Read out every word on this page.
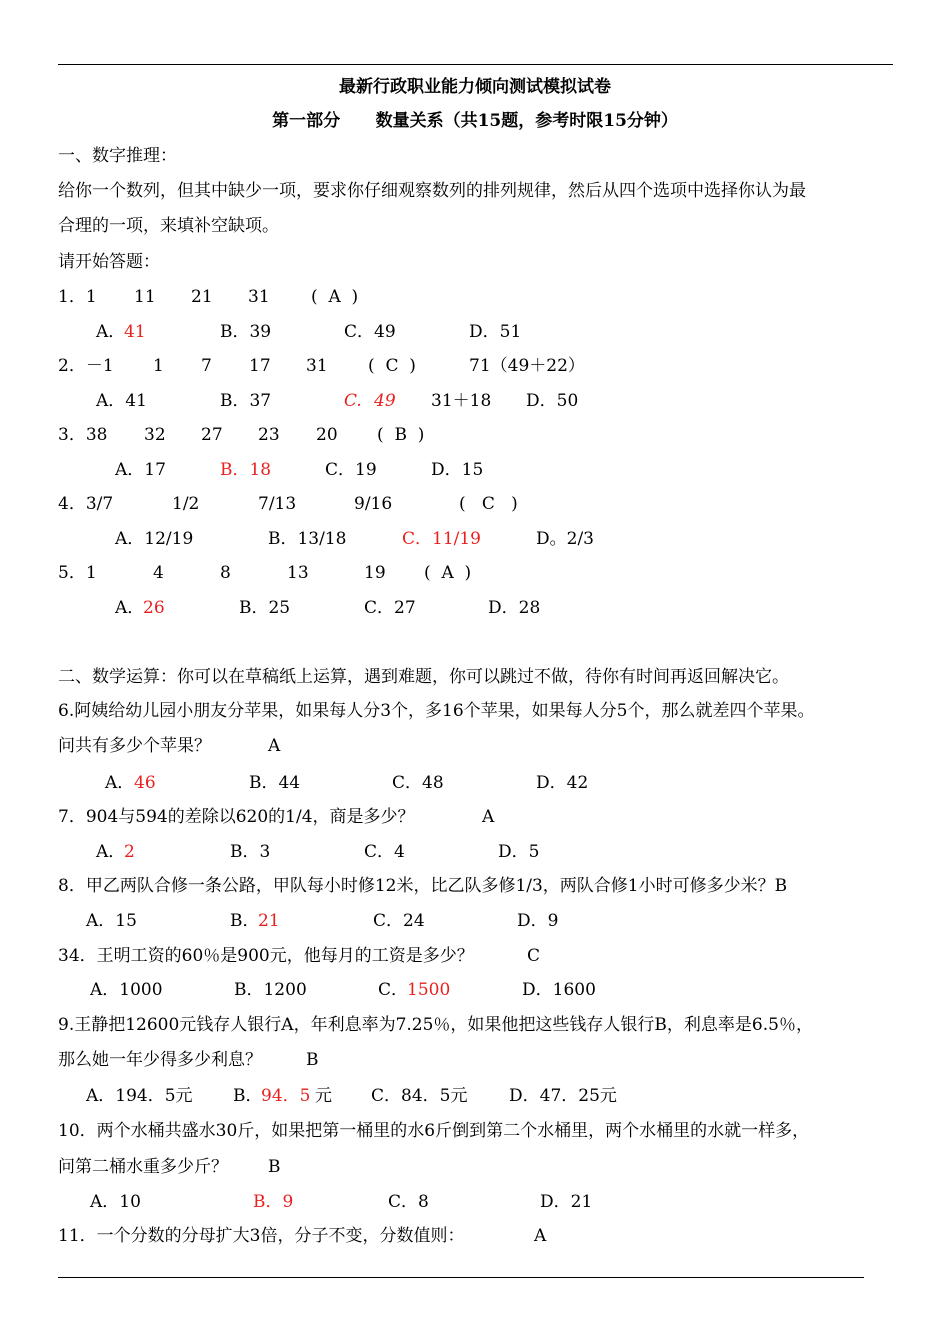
最新行政职业能力倾向测试模拟试卷
第一部分      数量关系（共15题，参考时限15分钟）
一、数字推理：
给你一个数列，但其中缺少一项，要求你仔细观察数列的排列规律，然后从四个选项中选择你认为最
合理的一项，来填补空缺项。
请开始答题：
1．1 11 21 31 (  A  )
A．
41	B．39	C．49	D．51
2．－1 1 7 17 31 (  C  )	71（49＋22）
A．41	B．37	C. 49 31＋18 D．50
3．38 32 27 23 20 (  B  )
A．17	B．18	C．19	D．15
4．3/7	1/2	7/13	9/16	(   C   )
A．12/19	B．13/18	C．11/19	D。2/3
5．1	4	8	13	19 (  A  )
A．
26	B．25	C．27	D．28
二、数学运算：你可以在草稿纸上运算，遇到难题，你可以跳过不做，待你有时间再返回解决它。
6.阿姨给幼儿园小朋友分苹果，如果每人分3个，多16个苹果，如果每人分5个，那么就差四个苹果。
问共有多少个苹果？	A
A． 46	B．44	C．48	D．42
7．904与594的差除以620的1/4，商是多少？	A
A．
2	B．3	C．4	D．5
8．甲乙两队合修一条公路，甲队每小时修12米，比乙队多修1/3，两队合修1小时可修多少米？B
A．15	B．
21	C．24	D．9
34．王明工资的60％是900元，他每月的工资是多少？	C
A．1000	B．1200	C．
1500	D．1600
9.王静把12600元钱存人银行A，年利息率为7.25％，如果他把这些钱存人银行B，利息率是6.5％，
那么她一年少得多少利息？	B
A．194．5元 B．
94．5 元 C．84．5元 D．47．25元
10．两个水桶共盛水30斤，如果把第一桶里的水6斤倒到第二个水桶里，两个水桶里的水就一样多，
问第二桶水重多少斤？ B
A．10	B．9	C．8	D．21
11．一个分数的分母扩大3倍，分子不变，分数值则：	A
